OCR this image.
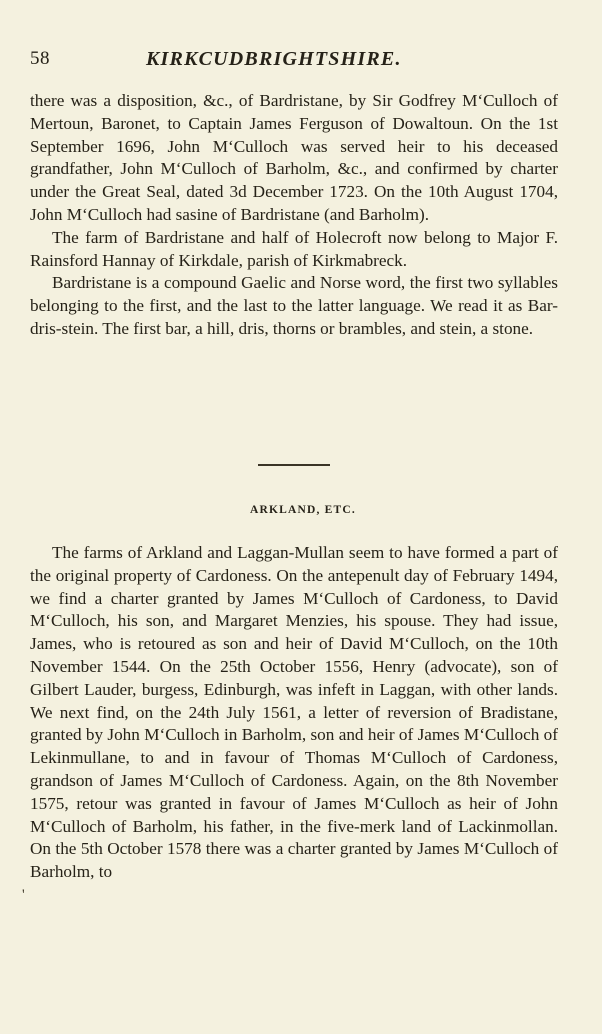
58	KIRKCUDBRIGHTSHIRE.

there was a disposition, &c., of Bardristane, by Sir Godfrey M‘Culloch of Mertoun, Baronet, to Captain James Ferguson of Dowaltoun. On the 1st September 1696, John M‘Culloch was served heir to his deceased grandfather, John M‘Culloch of Barholm, &c., and confirmed by charter under the Great Seal, dated 3d December 1723. On the 10th August 1704, John M‘Culloch had sasine of Bardristane (and Barholm).

The farm of Bardristane and half of Holecroft now belong to Major F. Rainsford Hannay of Kirkdale, parish of Kirkmabreck.

Bardristane is a compound Gaelic and Norse word, the first two syllables belonging to the first, and the last to the latter language. We read it as Bar-dris-stein. The first bar, a hill, dris, thorns or brambles, and stein, a stone.

ARKLAND, ETC.

The farms of Arkland and Laggan-Mullan seem to have formed a part of the original property of Cardoness. On the antepenult day of February 1494, we find a charter granted by James M‘Culloch of Cardoness, to David M‘Culloch, his son, and Margaret Menzies, his spouse. They had issue, James, who is retoured as son and heir of David M‘Culloch, on the 10th November 1544. On the 25th October 1556, Henry (advocate), son of Gilbert Lauder, burgess, Edinburgh, was infeft in Laggan, with other lands. We next find, on the 24th July 1561, a letter of reversion of Bradistane, granted by John M‘Culloch in Barholm, son and heir of James M‘Culloch of Lekinmullane, to and in favour of Thomas M‘Culloch of Cardoness, grandson of James M‘Culloch of Cardoness. Again, on the 8th November 1575, retour was granted in favour of James M‘Culloch as heir of John M‘Culloch of Barholm, his father, in the five-merk land of Lackinmollan. On the 5th October 1578 there was a charter granted by James M‘Culloch of Barholm, to

'
